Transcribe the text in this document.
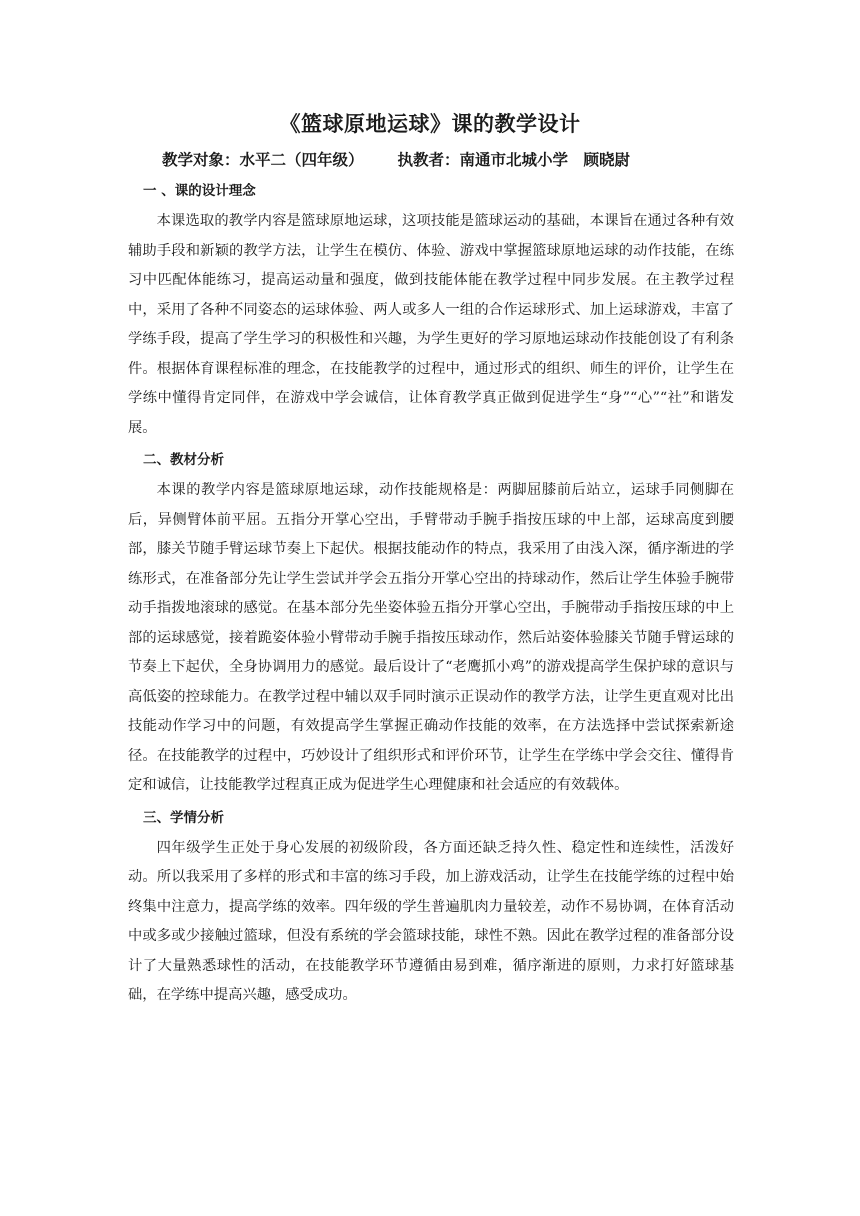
《篮球原地运球》课的教学设计
教学对象：水平二（四年级） 执教者：南通市北城小学　顾晓尉
一 、课的设计理念

本课选取的教学内容是篮球原地运球，这项技能是篮球运动的基础，本课旨在通过各种有效辅助手段和新颖的教学方法，让学生在模仿、体验、游戏中掌握篮球原地运球的动作技能，在练习中匹配体能练习，提高运动量和强度，做到技能体能在教学过程中同步发展。在主教学过程中，采用了各种不同姿态的运球体验、两人或多人一组的合作运球形式、加上运球游戏，丰富了学练手段，提高了学生学习的积极性和兴趣，为学生更好的学习原地运球动作技能创设了有利条件。根据体育课程标准的理念，在技能教学的过程中，通过形式的组织、师生的评价，让学生在学练中懂得肯定同伴，在游戏中学会诚信，让体育教学真正做到促进学生“身”“心”“社”和谐发展。

二、教材分析

本课的教学内容是篮球原地运球，动作技能规格是：两脚屈膝前后站立，运球手同侧脚在后，异侧臂体前平屈。五指分开掌心空出，手臂带动手腕手指按压球的中上部，运球高度到腰部，膝关节随手臂运球节奏上下起伏。根据技能动作的特点，我采用了由浅入深，循序渐进的学练形式，在准备部分先让学生尝试并学会五指分开掌心空出的持球动作，然后让学生体验手腕带动手指拨地滚球的感觉。在基本部分先坐姿体验五指分开掌心空出，手腕带动手指按压球的中上部的运球感觉，接着跪姿体验小臂带动手腕手指按压球动作，然后站姿体验膝关节随手臂运球的节奏上下起伏，全身协调用力的感觉。最后设计了“老鹰抓小鸡”的游戏提高学生保护球的意识与高低姿的控球能力。在教学过程中辅以双手同时演示正误动作的教学方法，让学生更直观对比出技能动作学习中的问题，有效提高学生掌握正确动作技能的效率，在方法选择中尝试探索新途径。在技能教学的过程中，巧妙设计了组织形式和评价环节，让学生在学练中学会交往、懂得肯定和诚信，让技能教学过程真正成为促进学生心理健康和社会适应的有效载体。

三、学情分析

四年级学生正处于身心发展的初级阶段，各方面还缺乏持久性、稳定性和连续性，活泼好动。所以我采用了多样的形式和丰富的练习手段，加上游戏活动，让学生在技能学练的过程中始终集中注意力，提高学练的效率。四年级的学生普遍肌肉力量较差，动作不易协调，在体育活动中或多或少接触过篮球，但没有系统的学会篮球技能，球性不熟。因此在教学过程的准备部分设计了大量熟悉球性的活动，在技能教学环节遵循由易到难，循序渐进的原则，力求打好篮球基础，在学练中提高兴趣，感受成功。
